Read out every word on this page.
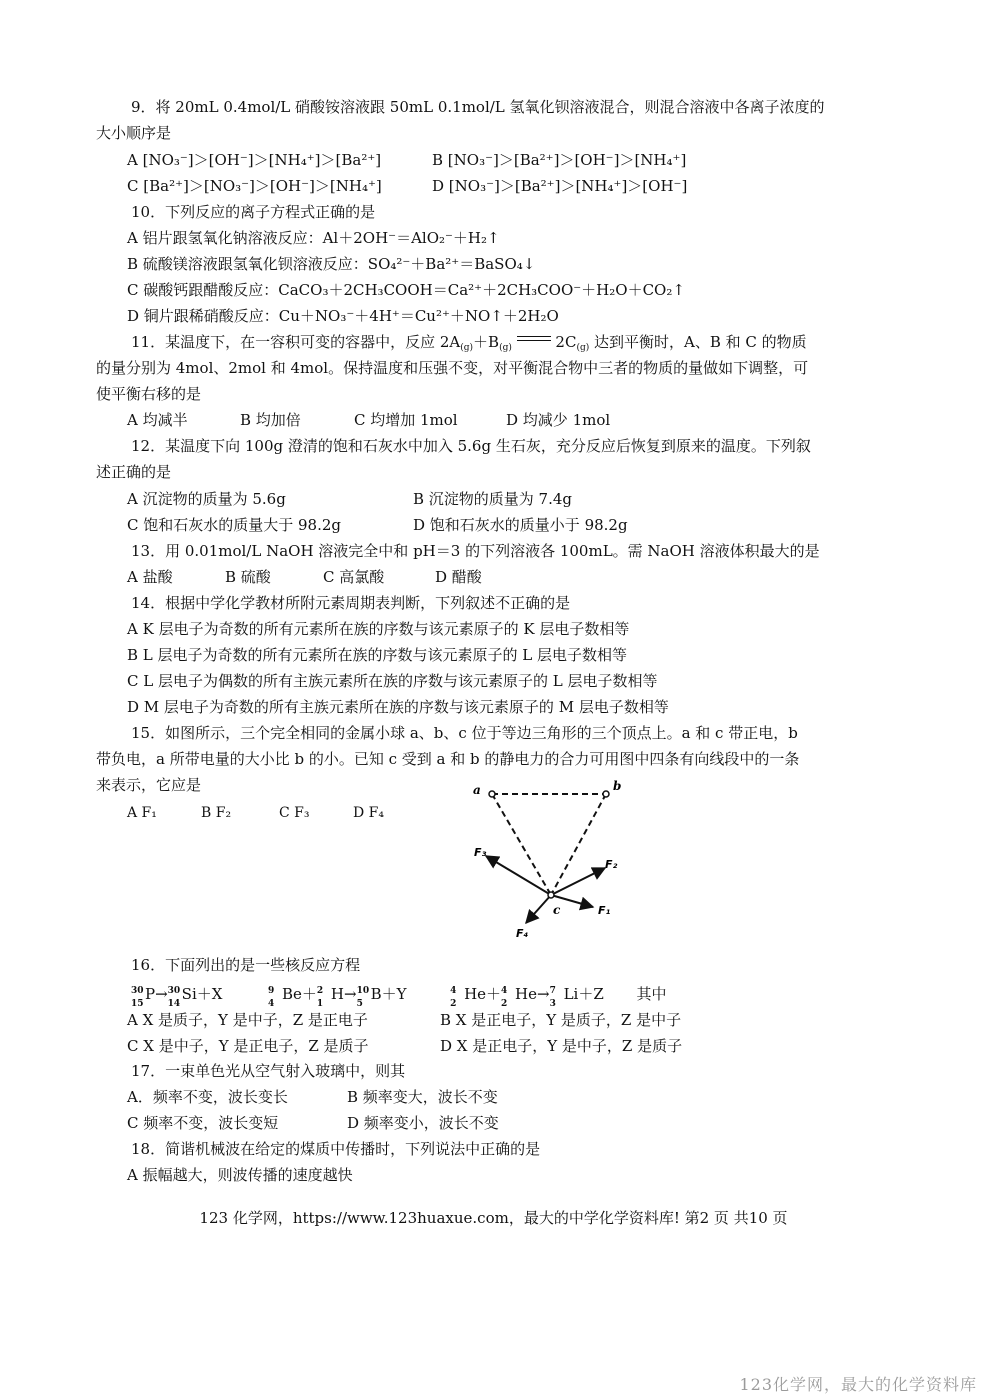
9．将 20mL 0.4mol/L 硝酸铵溶液跟 50mL 0.1mol/L 氢氧化钡溶液混合，则混合溶液中各离子浓度的
大小顺序是
A [NO₃⁻]＞[OH⁻]＞[NH₄⁺]＞[Ba²⁺]	B [NO₃⁻]＞[Ba²⁺]＞[OH⁻]＞[NH₄⁺]
C [Ba²⁺]＞[NO₃⁻]＞[OH⁻]＞[NH₄⁺]	D [NO₃⁻]＞[Ba²⁺]＞[NH₄⁺]＞[OH⁻]
10．下列反应的离子方程式正确的是
A 铝片跟氢氧化钠溶液反应：Al＋2OH⁻＝AlO₂⁻＋H₂↑
B 硫酸镁溶液跟氢氧化钡溶液反应：SO₄²⁻＋Ba²⁺＝BaSO₄↓
C 碳酸钙跟醋酸反应：CaCO₃＋2CH₃COOH＝Ca²⁺＋2CH₃COO⁻＋H₂O＋CO₂↑
D 铜片跟稀硝酸反应：Cu＋NO₃⁻＋4H⁺＝Cu²⁺＋NO↑＋2H₂O
11．某温度下，在一容积可变的容器中，反应 $2A_{(g)}+B_{(g)}$	$2C_{(g)}$ 达到平衡时，A、B 和 C 的物质
的量分别为 4mol、2mol 和 4mol。保持温度和压强不变，对平衡混合物中三者的物质的量做如下调整，可
使平衡右移的是
A 均减半	B 均加倍	C 均增加 1mol	D 均减少 1mol
12．某温度下向 100g 澄清的饱和石灰水中加入 5.6g 生石灰，充分反应后恢复到原来的温度。下列叙
述正确的是
A 沉淀物的质量为 5.6g	B 沉淀物的质量为 7.4g
C 饱和石灰水的质量大于 98.2g	D 饱和石灰水的质量小于 98.2g
13．用 0.01mol/L NaOH 溶液完全中和 pH＝3 的下列溶液各 100mL。需 NaOH 溶液体积最大的是
A 盐酸	B 硫酸	C 高氯酸	D 醋酸
14．根据中学化学教材所附元素周期表判断，下列叙述不正确的是
A K 层电子为奇数的所有元素所在族的序数与该元素原子的 K 层电子数相等
B L 层电子为奇数的所有元素所在族的序数与该元素原子的 L 层电子数相等
C L 层电子为偶数的所有主族元素所在族的序数与该元素原子的 L 层电子数相等
D M 层电子为奇数的所有主族元素所在族的序数与该元素原子的 M 层电子数相等
15．如图所示，三个完全相同的金属小球 a、b、c 位于等边三角形的三个顶点上。a 和 c 带正电，b
带负电，a 所带电量的大小比 b 的小。已知 c 受到 a 和 b 的静电力的合力可用图中四条有向线段中的一条
来表示，它应是
A F₁	B F₂	C F₃	D F₄
a	b
c
F₃
F₂
F₁
F₄
16．下面列出的是一些核反应方程
30
15
P→ 30
14
Si＋X	9
4
Be＋ 2
1
H→ 10
5
B＋Y	4
2
He＋ 4
2
He→ 7
3
Li＋Z 其中
A X 是质子，Y 是中子，Z 是正电子	B X 是正电子，Y 是质子，Z 是中子
C X 是中子，Y 是正电子，Z 是质子	D X 是正电子，Y 是中子，Z 是质子
17．一束单色光从空气射入玻璃中，则其
A．频率不变，波长变长	B 频率变大，波长不变
C 频率不变，波长变短	D 频率变小，波长不变
18．简谐机械波在给定的煤质中传播时，下列说法中正确的是
A 振幅越大，则波传播的速度越快
123 化学网，https://www.123huaxue.com，最大的中学化学资料库! 第2 页 共10 页
123化学网，最大的化学资料库
